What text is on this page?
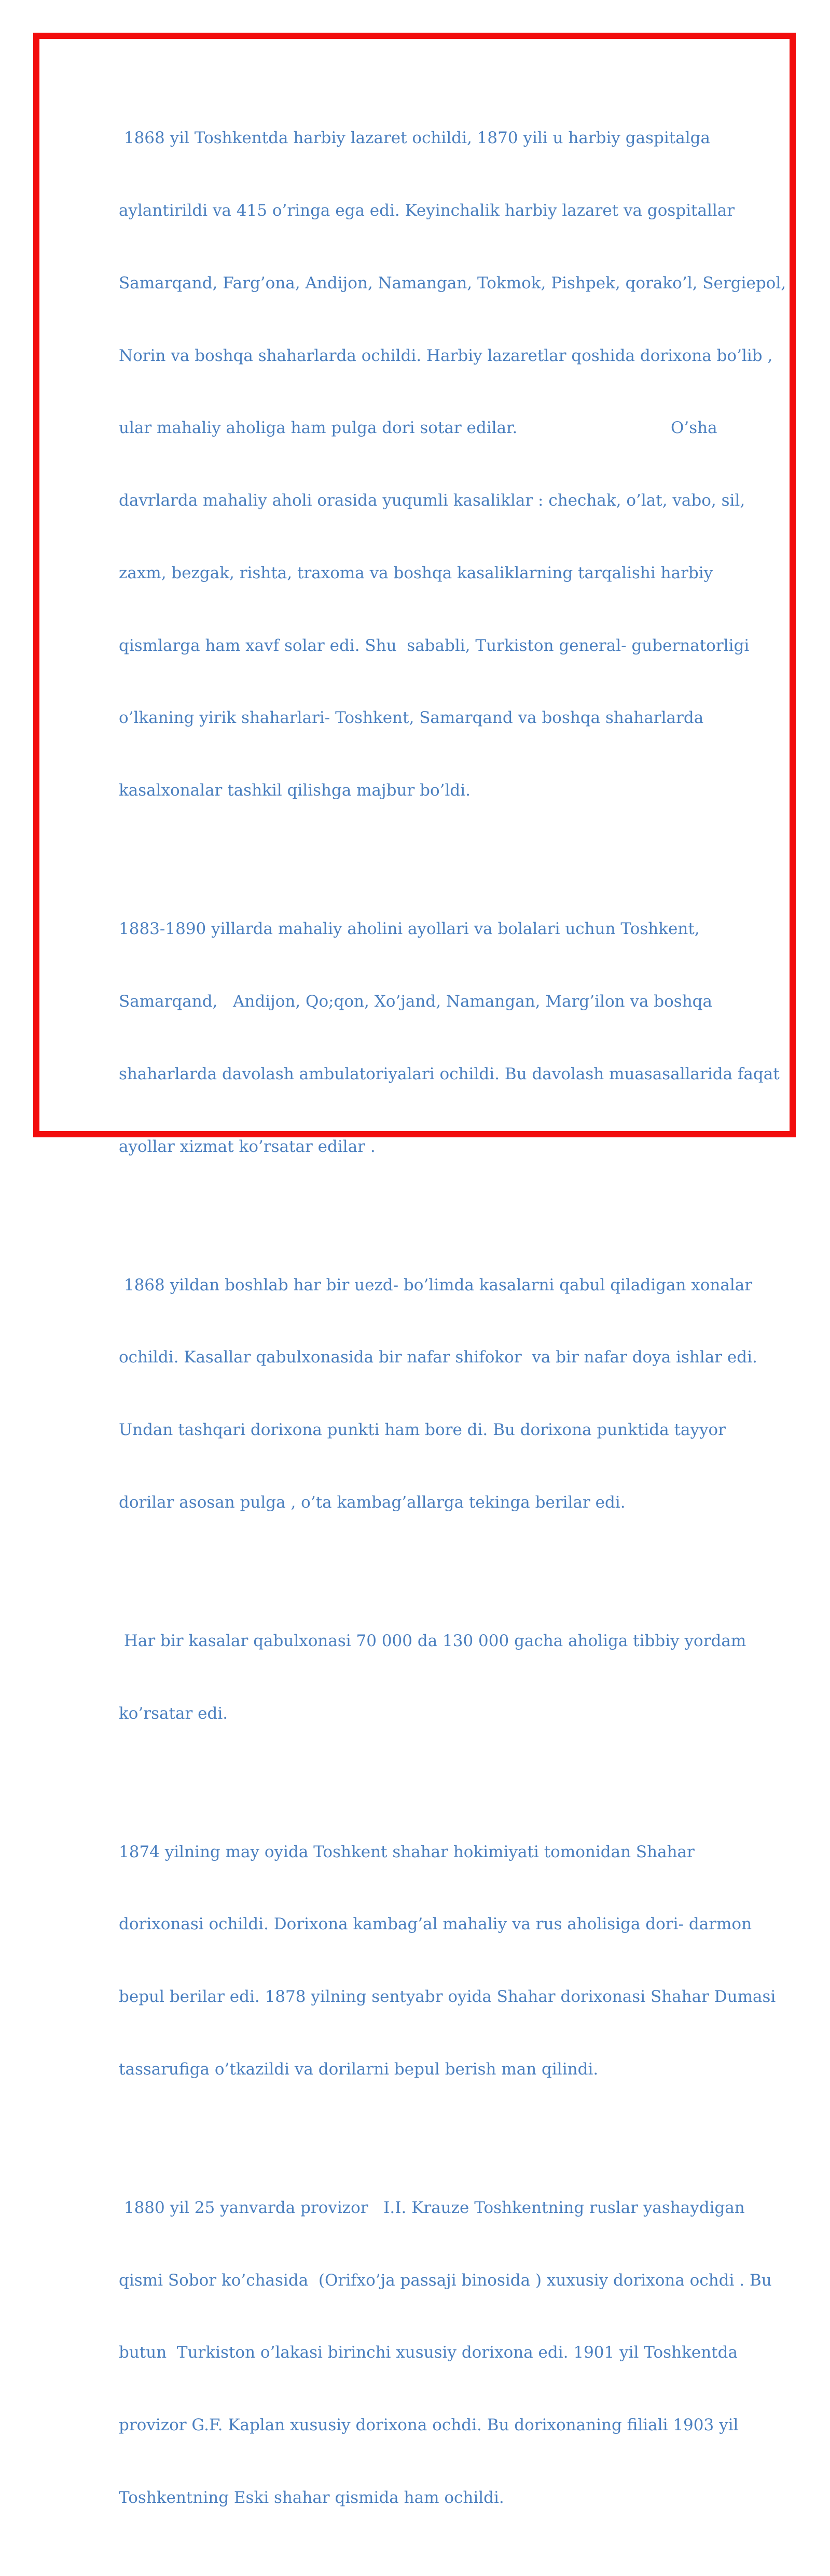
1868 yil Toshkentda harbiy lazaret ochildi, 1870 yili u harbiy gaspitalga

aylantirildi va 415 o’ringa ega edi. Keyinchalik harbiy lazaret va gospitallar

Samarqand, Farg’ona, Andijon, Namangan, Tokmok, Pishpek, qorako’l, Sergiepol,

Norin va boshqa shaharlarda ochildi. Harbiy lazaretlar qoshida dorixona bo’lib ,

ular mahaliy aholiga ham pulga dori sotar edilar.                              O’sha

davrlarda mahaliy aholi orasida yuqumli kasaliklar : chechak, o’lat, vabo, sil,

zaxm, bezgak, rishta, traxoma va boshqa kasaliklarning tarqalishi harbiy

qismlarga ham xavf solar edi. Shu  sababli, Turkiston general- gubernatorligi

o’lkaning yirik shaharlari- Toshkent, Samarqand va boshqa shaharlarda

kasalxonalar tashkil qilishga majbur bo’ldi.

1883-1890 yillarda mahaliy aholini ayollari va bolalari uchun Toshkent,

Samarqand,   Andijon, Qo;qon, Xo’jand, Namangan, Marg’ilon va boshqa

shaharlarda davolash ambulatoriyalari ochildi. Bu davolash muasasallarida faqat

ayollar xizmat ko’rsatar edilar .

1868 yildan boshlab har bir uezd- bo’limda kasalarni qabul qiladigan xonalar

ochildi. Kasallar qabulxonasida bir nafar shifokor  va bir nafar doya ishlar edi.

Undan tashqari dorixona punkti ham bore di. Bu dorixona punktida tayyor

dorilar asosan pulga , o’ta kambag’allarga tekinga berilar edi.

Har bir kasalar qabulxonasi 70 000 da 130 000 gacha aholiga tibbiy yordam

ko’rsatar edi.

1874 yilning may oyida Toshkent shahar hokimiyati tomonidan Shahar

dorixonasi ochildi. Dorixona kambag’al mahaliy va rus aholisiga dori- darmon

bepul berilar edi. 1878 yilning sentyabr oyida Shahar dorixonasi Shahar Dumasi

tassarufiga o’tkazildi va dorilarni bepul berish man qilindi.

1880 yil 25 yanvarda provizor   I.I. Krauze Toshkentning ruslar yashaydigan

qismi Sobor ko’chasida  (Orifxo’ja passaji binosida ) xuxusiy dorixona ochdi . Bu

butun  Turkiston o’lakasi birinchi xususiy dorixona edi. 1901 yil Toshkentda

provizor G.F. Kaplan xususiy dorixona ochdi. Bu dorixonaning filiali 1903 yil

Toshkentning Eski shahar qismida ham ochildi.
